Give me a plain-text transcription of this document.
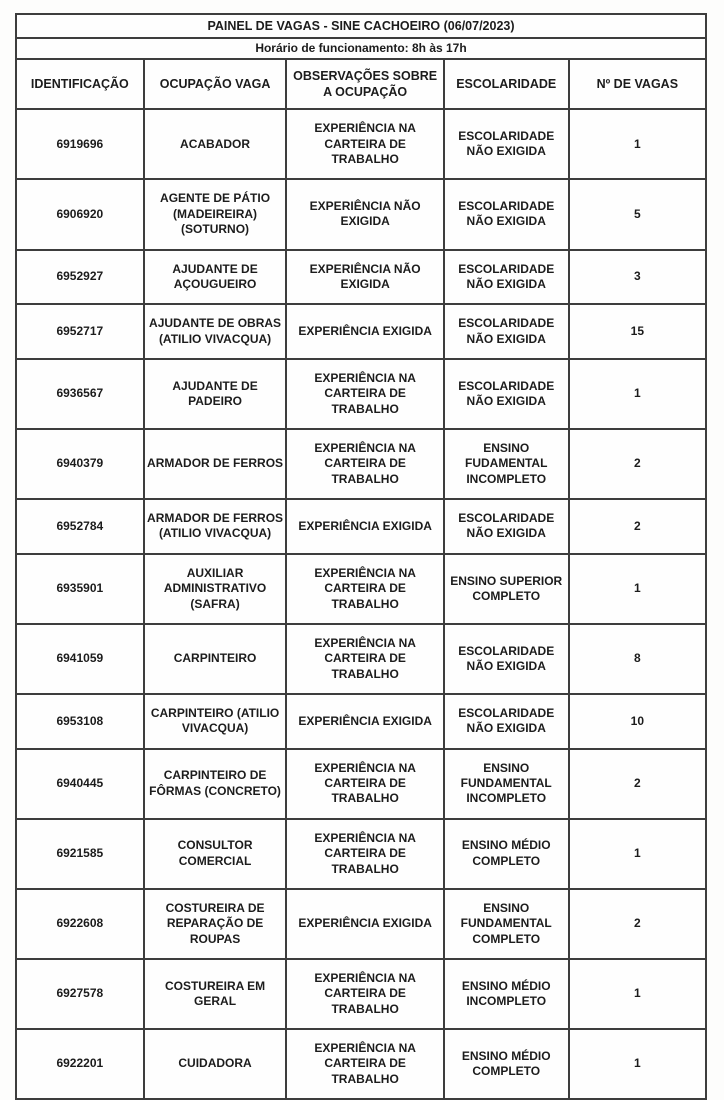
PAINEL DE VAGAS - SINE CACHOEIRO (06/07/2023)				
Horário de funcionamento: 8h às 17h				
IDENTIFICAÇÃO	OCUPAÇÃO VAGA	OBSERVAÇÕES SOBRE A OCUPAÇÃO	ESCOLARIDADE	Nº DE VAGAS
6919696	ACABADOR	EXPERIÊNCIA NA CARTEIRA DE TRABALHO	ESCOLARIDADE NÃO EXIGIDA	1
6906920	AGENTE DE PÁTIO (MADEIREIRA) (SOTURNO)	EXPERIÊNCIA NÃO EXIGIDA	ESCOLARIDADE NÃO EXIGIDA	5
6952927	AJUDANTE DE AÇOUGUEIRO	EXPERIÊNCIA NÃO EXIGIDA	ESCOLARIDADE NÃO EXIGIDA	3
6952717	AJUDANTE DE OBRAS (ATILIO VIVACQUA)	EXPERIÊNCIA EXIGIDA	ESCOLARIDADE NÃO EXIGIDA	15
6936567	AJUDANTE DE PADEIRO	EXPERIÊNCIA NA CARTEIRA DE TRABALHO	ESCOLARIDADE NÃO EXIGIDA	1
6940379	ARMADOR DE FERROS	EXPERIÊNCIA NA CARTEIRA DE TRABALHO	ENSINO FUDAMENTAL INCOMPLETO	2
6952784	ARMADOR DE FERROS (ATILIO VIVACQUA)	EXPERIÊNCIA EXIGIDA	ESCOLARIDADE NÃO EXIGIDA	2
6935901	AUXILIAR ADMINISTRATIVO (SAFRA)	EXPERIÊNCIA NA CARTEIRA DE TRABALHO	ENSINO SUPERIOR COMPLETO	1
6941059	CARPINTEIRO	EXPERIÊNCIA NA CARTEIRA DE TRABALHO	ESCOLARIDADE NÃO EXIGIDA	8
6953108	CARPINTEIRO (ATILIO VIVACQUA)	EXPERIÊNCIA EXIGIDA	ESCOLARIDADE NÃO EXIGIDA	10
6940445	CARPINTEIRO DE FÔRMAS (CONCRETO)	EXPERIÊNCIA NA CARTEIRA DE TRABALHO	ENSINO FUNDAMENTAL INCOMPLETO	2
6921585	CONSULTOR COMERCIAL	EXPERIÊNCIA NA CARTEIRA DE TRABALHO	ENSINO MÉDIO COMPLETO	1
6922608	COSTUREIRA DE REPARAÇÃO DE ROUPAS	EXPERIÊNCIA EXIGIDA	ENSINO FUNDAMENTAL COMPLETO	2
6927578	COSTUREIRA EM GERAL	EXPERIÊNCIA NA CARTEIRA DE TRABALHO	ENSINO MÉDIO INCOMPLETO	1
6922201	CUIDADORA	EXPERIÊNCIA NA CARTEIRA DE TRABALHO	ENSINO MÉDIO COMPLETO	1
